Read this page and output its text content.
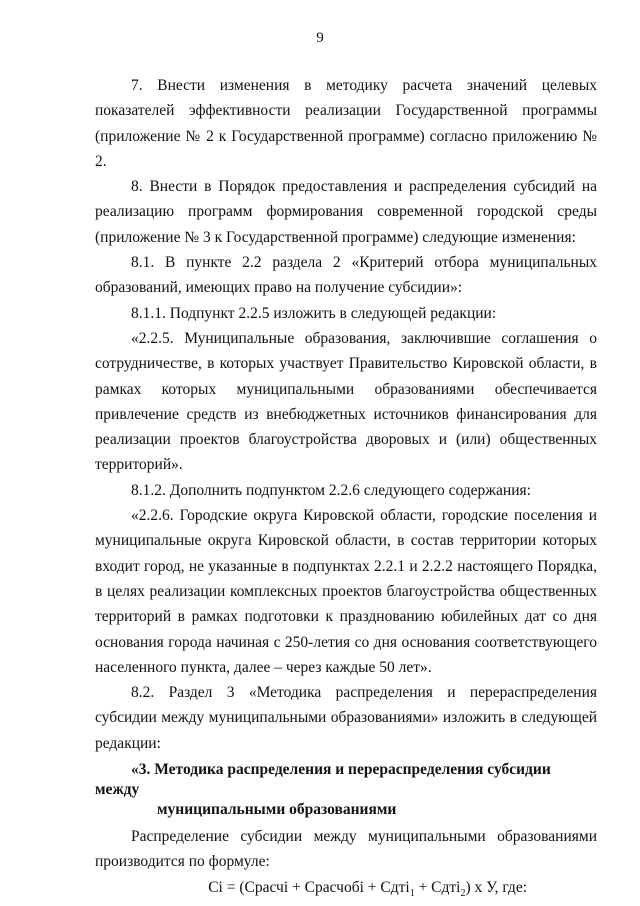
9

7. Внести изменения в методику расчета значений целевых показателей эффективности реализации Государственной программы (приложение № 2 к Государственной программе) согласно приложению № 2.

8. Внести в Порядок предоставления и распределения субсидий на реализацию программ формирования современной городской среды (приложение № 3 к Государственной программе) следующие изменения:

8.1. В пункте 2.2 раздела 2 «Критерий отбора муниципальных образований, имеющих право на получение субсидии»:

8.1.1. Подпункт 2.2.5 изложить в следующей редакции:

«2.2.5. Муниципальные образования, заключившие соглашения о сотрудничестве, в которых участвует Правительство Кировской области, в рамках которых муниципальными образованиями обеспечивается привлечение средств из внебюджетных источников финансирования для реализации проектов благоустройства дворовых и (или) общественных территорий».

8.1.2. Дополнить подпунктом 2.2.6 следующего содержания:

«2.2.6. Городские округа Кировской области, городские поселения и муниципальные округа Кировской области, в состав территории которых входит город, не указанные в подпунктах 2.2.1 и 2.2.2 настоящего Порядка, в целях реализации комплексных проектов благоустройства общественных территорий в рамках подготовки к празднованию юбилейных дат со дня основания города начиная с 250-летия со дня основания соответствующего населенного пункта, далее – через каждые 50 лет».

8.2. Раздел 3 «Методика распределения и перераспределения субсидии между муниципальными образованиями» изложить в следующей редакции:

«3. Методика распределения и перераспределения субсидии между
муниципальными образованиями

Распределение субсидии между муниципальными образованиями производится по формуле:

Сi = (Срасчi + Срасчобi + Сдтi$_1$ + Сдтi$_2$) х У, где:
